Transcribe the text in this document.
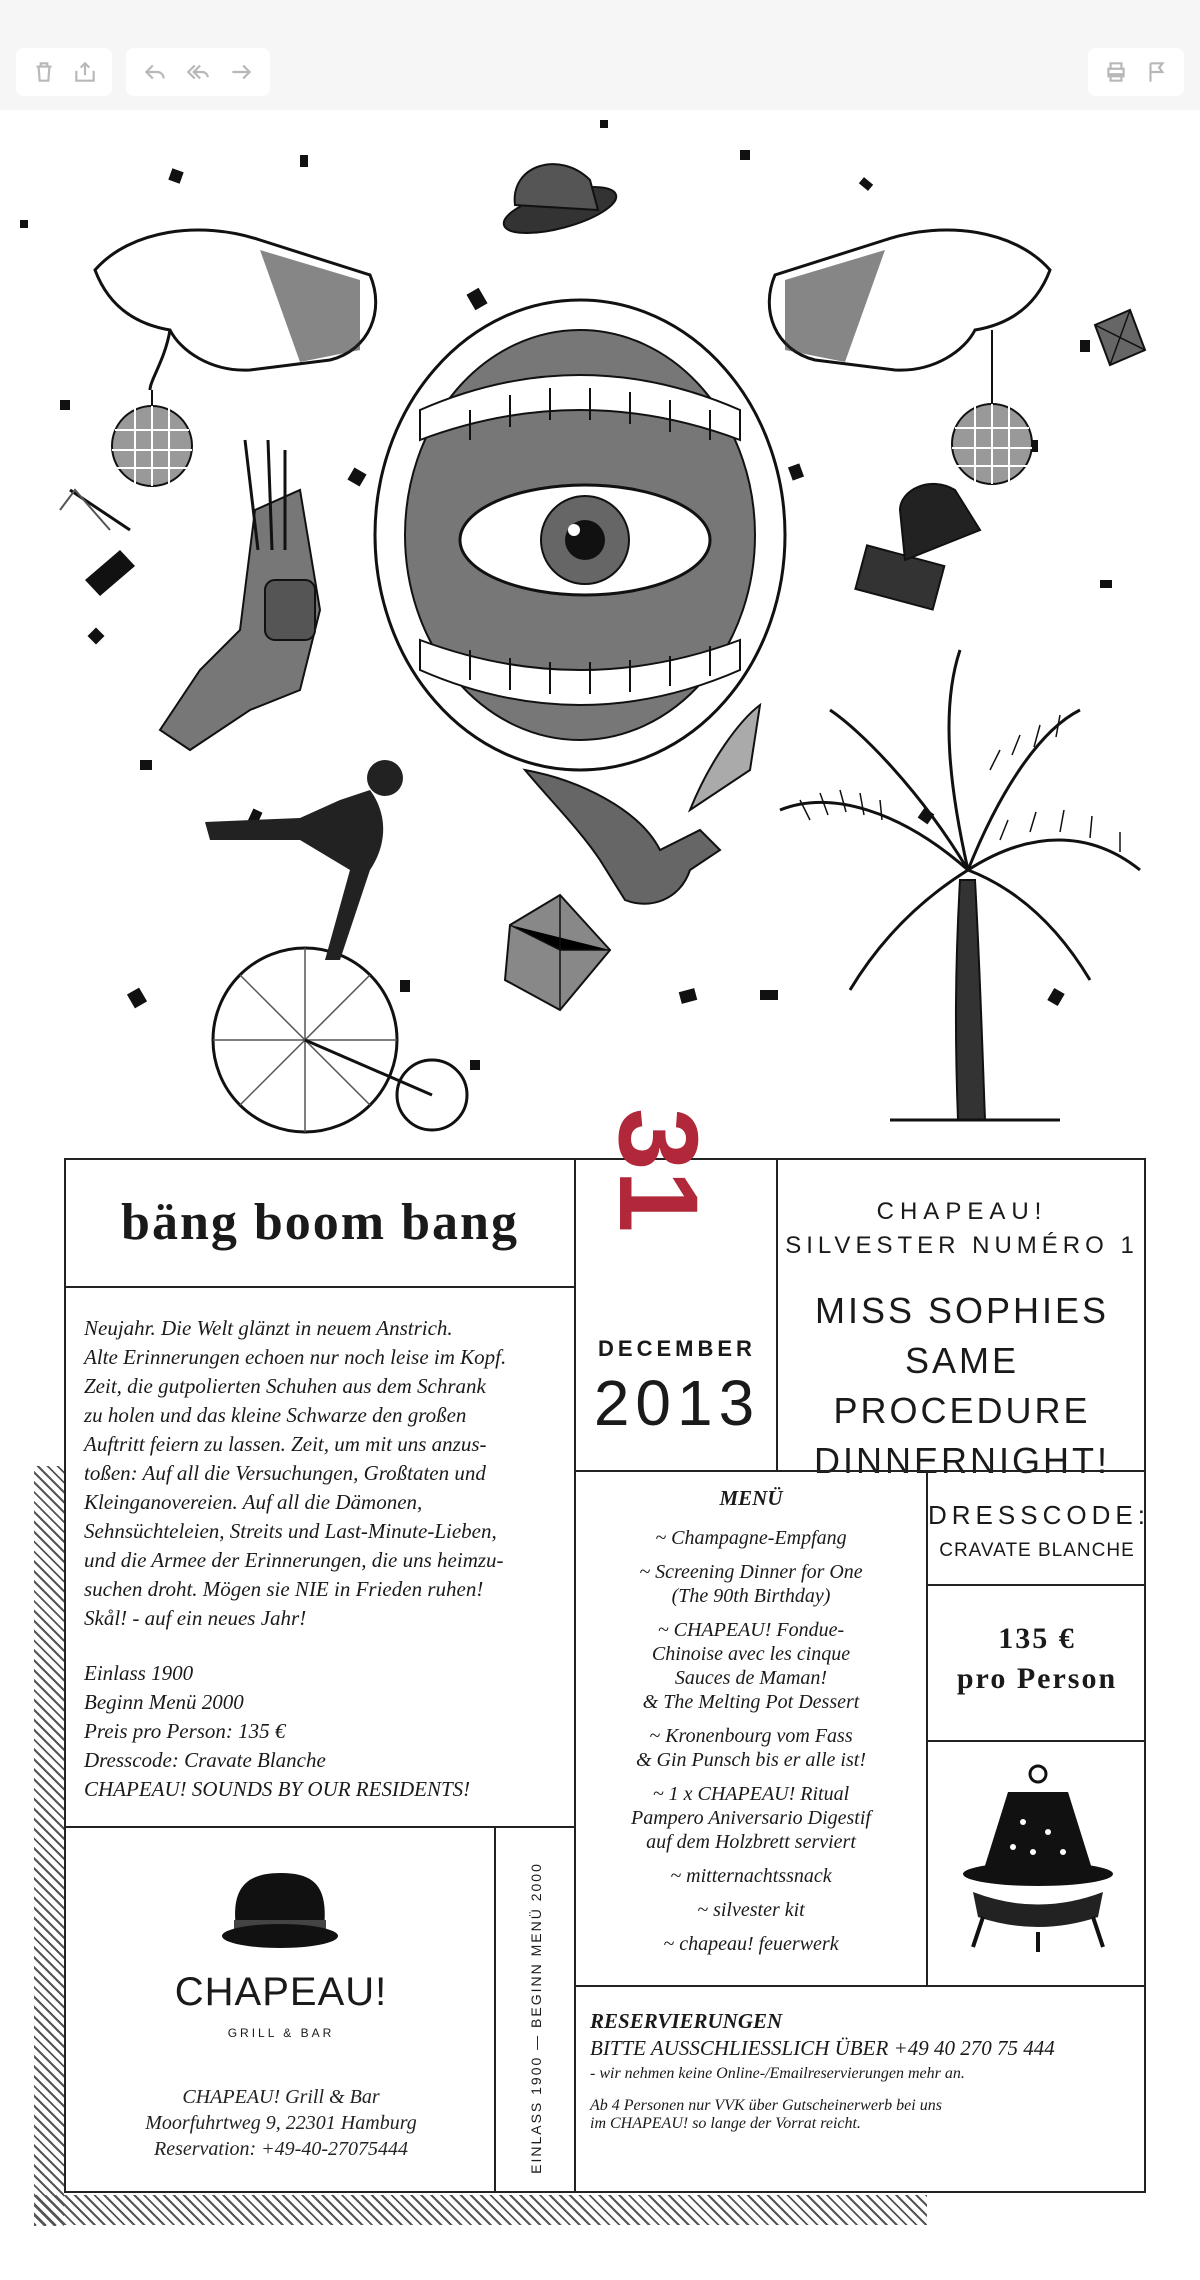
bäng boom bang 31
DECEMBER
2013
CHAPEAU!
SILVESTER NUMÉRO 1
MISS SOPHIES
SAME PROCEDURE
DINNERNIGHT!

Neujahr. Die Welt glänzt in neuem Anstrich.

Alte Erinnerungen echoen nur noch leise im Kopf.

Zeit, die gutpolierten Schuhen aus dem Schrank

zu holen und das kleine Schwarze den großen

Auftritt feiern zu lassen. Zeit, um mit uns anzus-

toßen: Auf all die Versuchungen, Großtaten und

Kleinganovereien. Auf all die Dämonen,

Sehnsüchteleien, Streits und Last-Minute-Lieben,

und die Armee der Erinnerungen, die uns heimzu-

suchen droht. Mögen sie NIE in Frieden ruhen!

Skål! - auf ein neues Jahr!

Einlass 1900

Beginn Menü 2000

Preis pro Person: 135 €

Dresscode: Cravate Blanche

CHAPEAU! SOUNDS BY OUR RESIDENTS!

MENÜ

~ Champagne-Empfang

~ Screening Dinner for One

(The 90th Birthday)

~ CHAPEAU! Fondue-

Chinoise avec les cinque

Sauces de Maman!

& The Melting Pot Dessert

~ Kronenbourg vom Fass

& Gin Punsch bis er alle ist!

~ 1 x CHAPEAU! Ritual

Pampero Aniversario Digestif

auf dem Holzbrett serviert

~ mitternachtssnack

~ silvester kit

~ chapeau! feuerwerk

DRESSCODE:
CRAVATE BLANCHE
135 €
pro Person
CHAPEAU!
GRILL & BAR
CHAPEAU! Grill & Bar
Moorfuhrtweg 9, 22301 Hamburg
Reservation: +49-40-27075444	EINLASS 1900 — BEGINN MENÜ 2000 RESERVIERUNGEN

BITTE AUSSCHLIESSLICH ÜBER +49 40 270 75 444

- wir nehmen keine Online-/Emailreservierungen mehr an.

Ab 4 Personen nur VVK über Gutscheinerwerb bei uns

im CHAPEAU! so lange der Vorrat reicht.
